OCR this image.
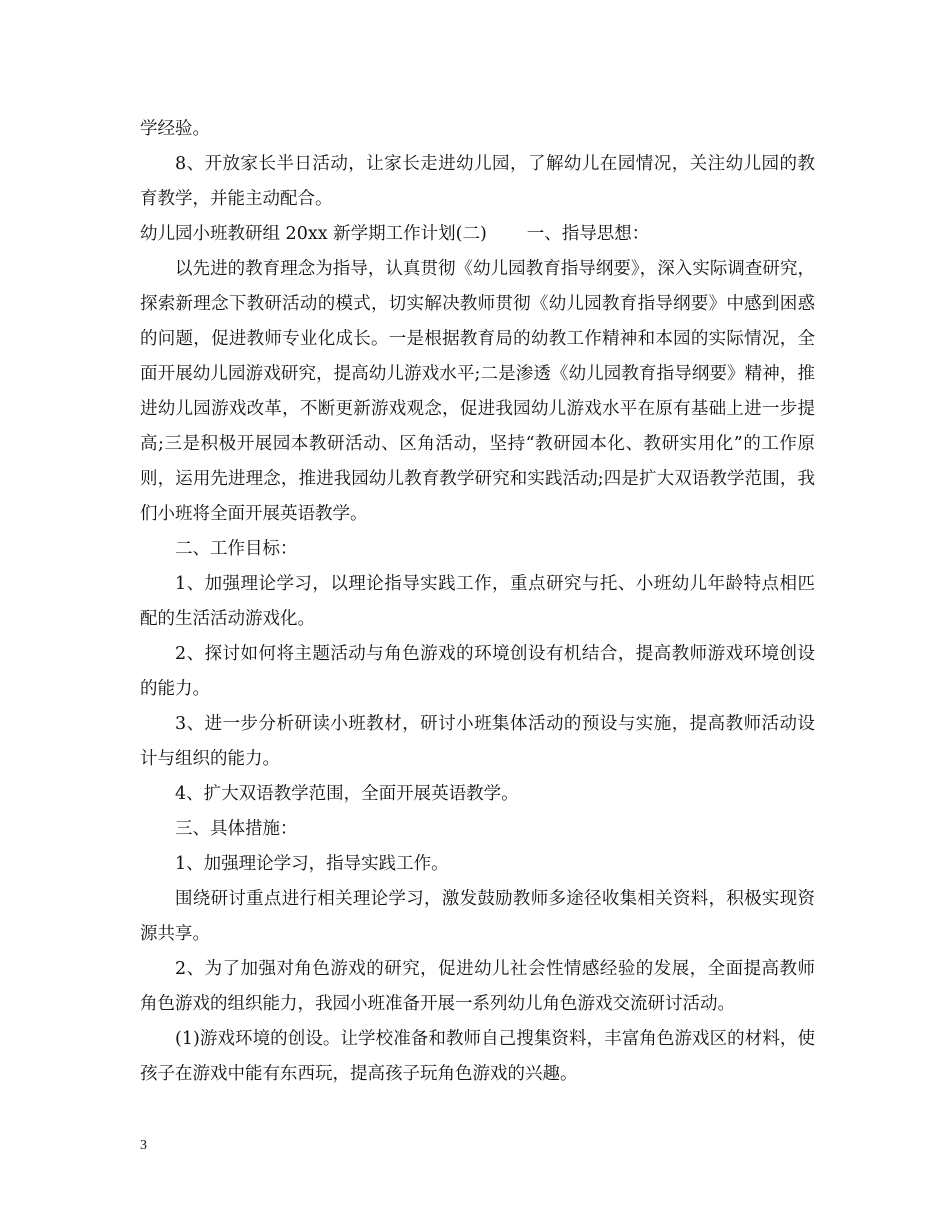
学经验。

8、开放家长半日活动，让家长走进幼儿园，了解幼儿在园情况，关注幼儿园的教育教学，并能主动配合。

幼儿园小班教研组 20xx 新学期工作计划(二) 一、指导思想：

以先进的教育理念为指导，认真贯彻《幼儿园教育指导纲要》，深入实际调查研究，探索新理念下教研活动的模式，切实解决教师贯彻《幼儿园教育指导纲要》中感到困惑的问题，促进教师专业化成长。一是根据教育局的幼教工作精神和本园的实际情况，全面开展幼儿园游戏研究，提高幼儿游戏水平;二是渗透《幼儿园教育指导纲要》精神，推进幼儿园游戏改革，不断更新游戏观念，促进我园幼儿游戏水平在原有基础上进一步提高;三是积极开展园本教研活动、区角活动，坚持“教研园本化、教研实用化”的工作原则，运用先进理念，推进我园幼儿教育教学研究和实践活动;四是扩大双语教学范围，我们小班将全面开展英语教学。

二、工作目标：

1、加强理论学习，以理论指导实践工作，重点研究与托、小班幼儿年龄特点相匹配的生活活动游戏化。

2、探讨如何将主题活动与角色游戏的环境创设有机结合，提高教师游戏环境创设的能力。

3、进一步分析研读小班教材，研讨小班集体活动的预设与实施，提高教师活动设计与组织的能力。

4、扩大双语教学范围，全面开展英语教学。

三、具体措施：

1、加强理论学习，指导实践工作。

围绕研讨重点进行相关理论学习，激发鼓励教师多途径收集相关资料，积极实现资源共享。

2、为了加强对角色游戏的研究，促进幼儿社会性情感经验的发展，全面提高教师角色游戏的组织能力，我园小班准备开展一系列幼儿角色游戏交流研讨活动。

(1)游戏环境的创设。让学校准备和教师自己搜集资料，丰富角色游戏区的材料，使孩子在游戏中能有东西玩，提高孩子玩角色游戏的兴趣。

3
